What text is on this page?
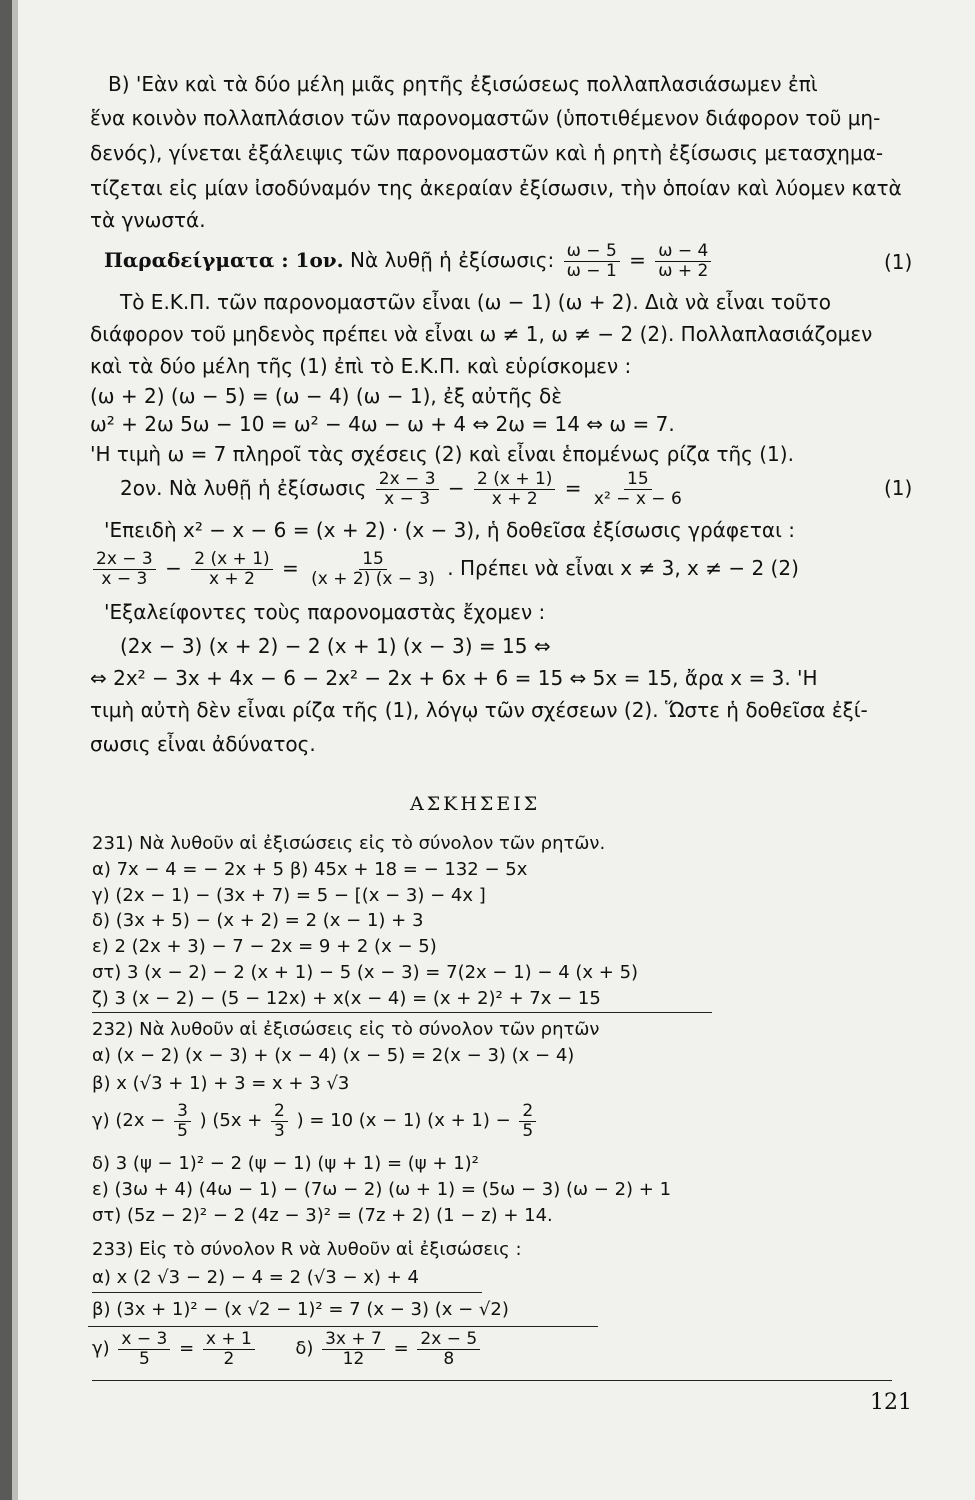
Β) 'Εὰν καὶ τὰ δύο μέλη μιᾶς ρητῆς ἐξισώσεως πολλαπλασιάσωμεν ἐπὶ
ἕνα κοινὸν πολλαπλάσιον τῶν παρονομαστῶν (ὑποτιθέμενον διάφορον τοῦ μη-
δενός), γίνεται ἐξάλειψις τῶν παρονομαστῶν καὶ ἡ ρητὴ ἐξίσωσις μετασχημα-
τίζεται εἰς μίαν ἰσοδύναμόν της ἀκεραίαν ἐξίσωσιν, τὴν ὁποίαν καὶ λύομεν κατὰ
τὰ γνωστά.
Παραδείγματα : 1ον. Νὰ λυθῇ ἡ ἐξίσωσις: $\frac{\omega - 5}{\omega - 1} = \frac{\omega - 4}{\omega + 2}$	(1)
Τὸ Ε.Κ.Π. τῶν παρονομαστῶν εἶναι (ω − 1) (ω + 2). Διὰ νὰ εἶναι τοῦτο
διάφορον τοῦ μηδενὸς πρέπει νὰ εἶναι ω ≠ 1, ω ≠ − 2 (2). Πολλαπλασιάζομεν
καὶ τὰ δύο μέλη τῆς (1) ἐπὶ τὸ Ε.Κ.Π. καὶ εὑρίσκομεν :
(ω + 2) (ω − 5) = (ω − 4) (ω − 1), ἐξ αὐτῆς δὲ
ω² + 2ω 5ω − 10 = ω² − 4ω − ω + 4 ⇔ 2ω = 14 ⇔ ω = 7.
'Η τιμὴ ω = 7 πληροῖ τὰς σχέσεις (2) καὶ εἶναι ἑπομένως ρίζα τῆς (1).
2ον. Νὰ λυθῇ ἡ ἐξίσωσις $\frac{2x - 3}{x - 3} - \frac{2 (x + 1)}{x + 2} = \frac{15}{\text{x² − x − 6}}$	(1)
'Επειδὴ x² − x − 6 = (x + 2) · (x − 3), ἡ δοθεῖσα ἐξίσωσις γράφεται :
$\frac{2x - 3}{x - 3} - \frac{2 (x + 1)}{x + 2} = \frac{15}{(x + 2) (x - 3)}$ . Πρέπει νὰ εἶναι x ≠ 3, x ≠ − 2 (2)
'Εξαλείφοντες τοὺς παρονομαστὰς ἔχομεν :
(2x − 3) (x + 2) − 2 (x + 1) (x − 3) = 15 ⇔
⇔ 2x² − 3x + 4x − 6 − 2x² − 2x + 6x + 6 = 15 ⇔ 5x = 15, ἄρα x = 3. 'Η
τιμὴ αὐτὴ δὲν εἶναι ρίζα τῆς (1), λόγῳ τῶν σχέσεων (2). Ὥστε ἡ δοθεῖσα ἐξί-
σωσις εἶναι ἀδύνατος.
ΑΣΚΗΣΕΙΣ
231) Νὰ λυθοῦν αἱ ἐξισώσεις εἰς τὸ σύνολον τῶν ρητῶν.
α) 7x − 4 = − 2x + 5 β) 45x + 18 = − 132 − 5x
γ) (2x − 1) − (3x + 7) = 5 − [(x − 3) − 4x ]
δ) (3x + 5) − (x + 2) = 2 (x − 1) + 3
ε) 2 (2x + 3) − 7 − 2x = 9 + 2 (x − 5)
στ) 3 (x − 2) − 2 (x + 1) − 5 (x − 3) = 7(2x − 1) − 4 (x + 5)
ζ) 3 (x − 2) − (5 − 12x) + x(x − 4) = (x + 2)² + 7x − 15
232) Νὰ λυθοῦν αἱ ἐξισώσεις εἰς τὸ σύνολον τῶν ρητῶν
α) (x − 2) (x − 3) + (x − 4) (x − 5) = 2(x − 3) (x − 4)
β) x (√3 + 1) + 3 = x + 3 √3
γ) ($2x - \frac{3}{5}$ ) ($5x + \frac{2}{3}$ ) = 10 (x − 1) $(x + 1) - \frac{2}{5}$
δ) 3 (ψ − 1)² − 2 (ψ − 1) (ψ + 1) = (ψ + 1)²
ε) (3ω + 4) (4ω − 1) − (7ω − 2) (ω + 1) = (5ω − 3) (ω − 2) + 1
στ) (5z − 2)² − 2 (4z − 3)² = (7z + 2) (1 − z) + 14.
233) Εἰς τὸ σύνολον R νὰ λυθοῦν αἱ ἐξισώσεις :
α) x (2 √3 − 2) − 4 = 2 (√3 − x) + 4
β) (3x + 1)² − (x √2 − 1)² = 7 (x − 3) (x − √2)
$\gamma) \frac{x - 3}{5} = \frac{x + 1}{2} \delta) \frac{3x + 7}{12} = \frac{2x - 5}{8}$
121
